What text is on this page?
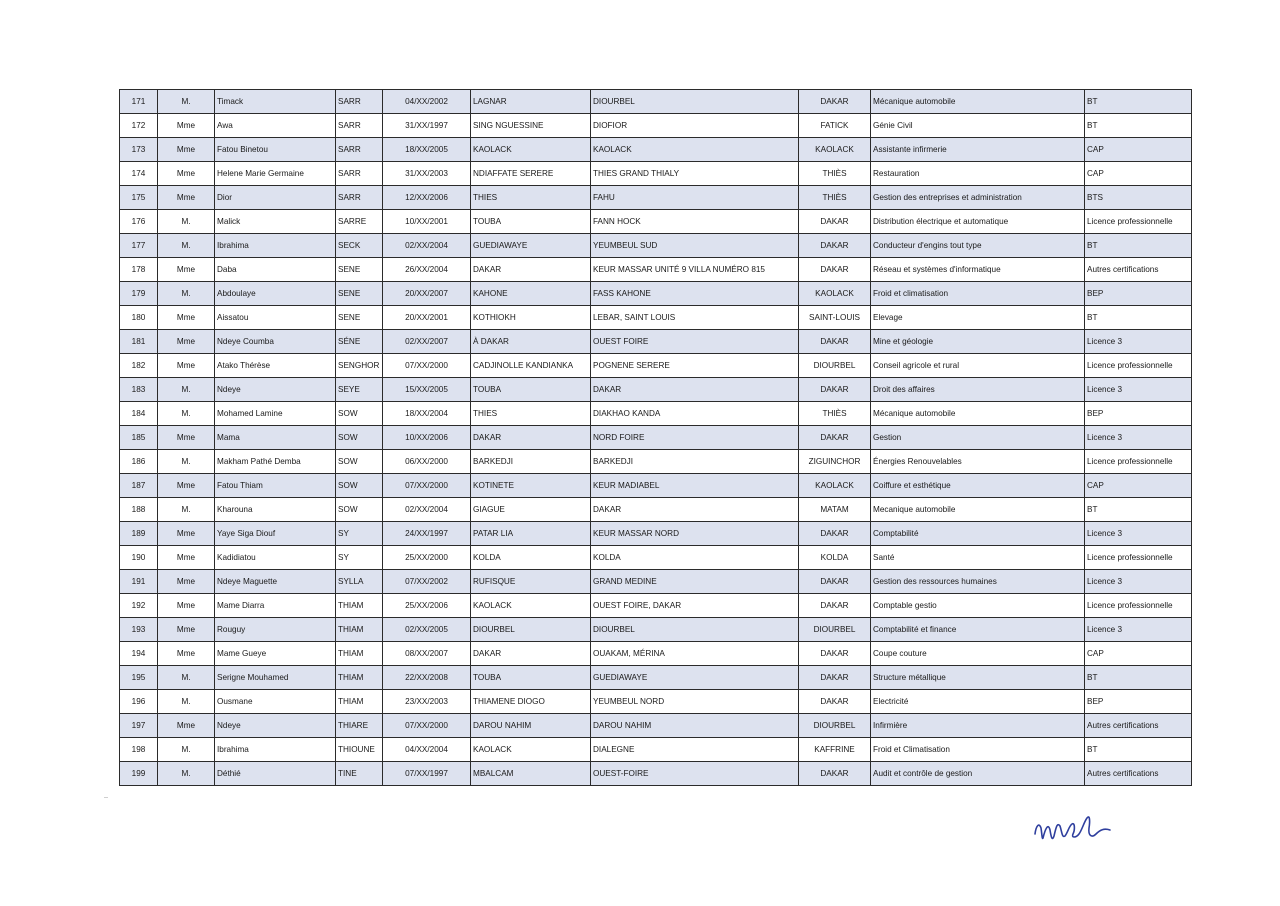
171	M.	Timack	SARR	04/XX/2002	LAGNAR	DIOURBEL	DAKAR	Mécanique automobile	BT
172	Mme	Awa	SARR	31/XX/1997	SING NGUESSINE	DIOFIOR	FATICK	Génie Civil	BT
173	Mme	Fatou Binetou	SARR	18/XX/2005	KAOLACK	KAOLACK	KAOLACK	Assistante infirmerie	CAP
174	Mme	Helene Marie Germaine	SARR	31/XX/2003	NDIAFFATE SERERE	THIES GRAND THIALY	THIÈS	Restauration	CAP
175	Mme	Dior	SARR	12/XX/2006	THIES	FAHU	THIÈS	Gestion des entreprises et administration	BTS
176	M.	Malick	SARRE	10/XX/2001	TOUBA	FANN HOCK	DAKAR	Distribution électrique et automatique	Licence professionnelle
177	M.	Ibrahima	SECK	02/XX/2004	GUEDIAWAYE	YEUMBEUL SUD	DAKAR	Conducteur d'engins tout type	BT
178	Mme	Daba	SENE	26/XX/2004	DAKAR	KEUR MASSAR UNITÉ 9 VILLA NUMÉRO 815	DAKAR	Réseau et systèmes d'informatique	Autres certifications
179	M.	Abdoulaye	SENE	20/XX/2007	KAHONE	FASS KAHONE	KAOLACK	Froid et climatisation	BEP
180	Mme	Aissatou	SENE	20/XX/2001	KOTHIOKH	LEBAR, SAINT LOUIS	SAINT-LOUIS	Elevage	BT
181	Mme	Ndeye Coumba	SÉNE	02/XX/2007	À DAKAR	OUEST FOIRE	DAKAR	Mine et géologie	Licence 3
182	Mme	Atako Thérèse	SENGHOR	07/XX/2000	CADJINOLLE KANDIANKA	POGNENE SERERE	DIOURBEL	Conseil agricole et rural	Licence professionnelle
183	M.	Ndeye	SEYE	15/XX/2005	TOUBA	DAKAR	DAKAR	Droit des affaires	Licence 3
184	M.	Mohamed Lamine	SOW	18/XX/2004	THIES	DIAKHAO KANDA	THIÈS	Mécanique automobile	BEP
185	Mme	Mama	SOW	10/XX/2006	DAKAR	NORD FOIRE	DAKAR	Gestion	Licence 3
186	M.	Makham Pathé Demba	SOW	06/XX/2000	BARKEDJI	BARKEDJI	ZIGUINCHOR	Énergies Renouvelables	Licence professionnelle
187	Mme	Fatou Thiam	SOW	07/XX/2000	KOTINETE	KEUR MADIABEL	KAOLACK	Coiffure et esthétique	CAP
188	M.	Kharouna	SOW	02/XX/2004	GIAGUE	DAKAR	MATAM	Mecanique automobile	BT
189	Mme	Yaye Siga Diouf	SY	24/XX/1997	PATAR LIA	KEUR MASSAR NORD	DAKAR	Comptabilité	Licence 3
190	Mme	Kadidiatou	SY	25/XX/2000	KOLDA	KOLDA	KOLDA	Santé	Licence professionnelle
191	Mme	Ndeye Maguette	SYLLA	07/XX/2002	RUFISQUE	GRAND MEDINE	DAKAR	Gestion des ressources humaines	Licence 3
192	Mme	Mame Diarra	THIAM	25/XX/2006	KAOLACK	OUEST FOIRE, DAKAR	DAKAR	Comptable gestio	Licence professionnelle
193	Mme	Rouguy	THIAM	02/XX/2005	DIOURBEL	DIOURBEL	DIOURBEL	Comptabilité et finance	Licence 3
194	Mme	Mame Gueye	THIAM	08/XX/2007	DAKAR	OUAKAM, MÉRINA	DAKAR	Coupe couture	CAP
195	M.	Serigne Mouhamed	THIAM	22/XX/2008	TOUBA	GUEDIAWAYE	DAKAR	Structure métallique	BT
196	M.	Ousmane	THIAM	23/XX/2003	THIAMENE DIOGO	YEUMBEUL NORD	DAKAR	Electricité	BEP
197	Mme	Ndeye	THIARE	07/XX/2000	DAROU NAHIM	DAROU NAHIM	DIOURBEL	Infirmière	Autres certifications
198	M.	Ibrahima	THIOUNE	04/XX/2004	KAOLACK	DIALEGNE	KAFFRINE	Froid et Climatisation	BT
199	M.	Déthié	TINE	07/XX/1997	MBALCAM	OUEST-FOIRE	DAKAR	Audit et contrôle de gestion	Autres certifications
